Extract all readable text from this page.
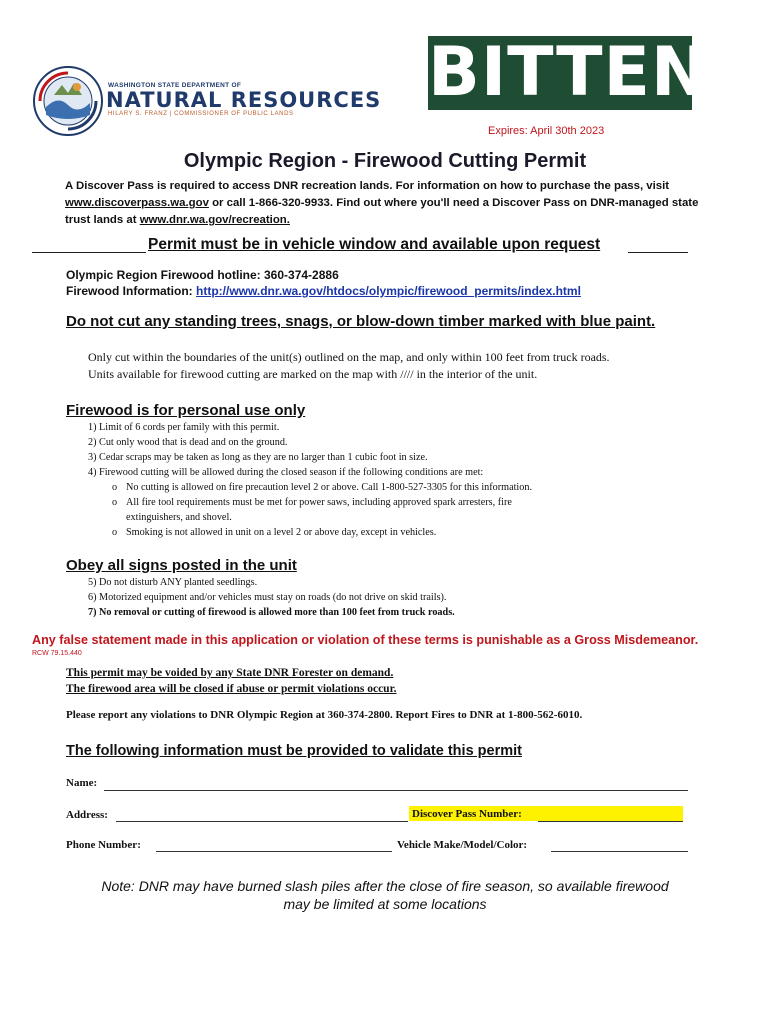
WASHINGTON STATE DEPARTMENT OF
NATURAL RESOURCES
HILARY S. FRANZ | COMMISSIONER OF PUBLIC LANDS
BITTEN
Expires: April 30th 2023
Olympic Region - Firewood Cutting Permit
A Discover Pass is required to access DNR recreation lands. For information on how to purchase the pass, visit www.discoverpass.wa.gov or call 1-866-320-9933. Find out where you'll need a Discover Pass on DNR-managed state trust lands at www.dnr.wa.gov/recreation.
Permit must be in vehicle window and available upon request
Olympic Region Firewood hotline: 360-374-2886
Firewood Information: http://www.dnr.wa.gov/htdocs/olympic/firewood_permits/index.html
Do not cut any standing trees, snags, or blow-down timber marked with blue paint.
Only cut within the boundaries of the unit(s) outlined on the map, and only within 100 feet from truck roads.
Units available for firewood cutting are marked on the map with //// in the interior of the unit.
Firewood is for personal use only
1) Limit of 6 cords per family with this permit.
2) Cut only wood that is dead and on the ground.
3) Cedar scraps may be taken as long as they are no larger than 1 cubic foot in size.
4) Firewood cutting will be allowed during the closed season if the following conditions are met:
o No cutting is allowed on fire precaution level 2 or above. Call 1-800-527-3305 for this information.
o All fire tool requirements must be met for power saws, including approved spark arresters, fire
extinguishers, and shovel.
o Smoking is not allowed in unit on a level 2 or above day, except in vehicles.
Obey all signs posted in the unit
5) Do not disturb ANY planted seedlings.
6) Motorized equipment and/or vehicles must stay on roads (do not drive on skid trails).
7) No removal or cutting of firewood is allowed more than 100 feet from truck roads.
Any false statement made in this application or violation of these terms is punishable as a Gross Misdemeanor.
RCW 79.15.440
This permit may be voided by any State DNR Forester on demand.
The firewood area will be closed if abuse or permit violations occur.
Please report any violations to DNR Olympic Region at 360-374-2800. Report Fires to DNR at 1-800-562-6010.
The following information must be provided to validate this permit
Name:
Address:	Discover Pass Number:
Phone Number:	Vehicle Make/Model/Color:
Note: DNR may have burned slash piles after the close of fire season, so available firewood
may be limited at some locations
